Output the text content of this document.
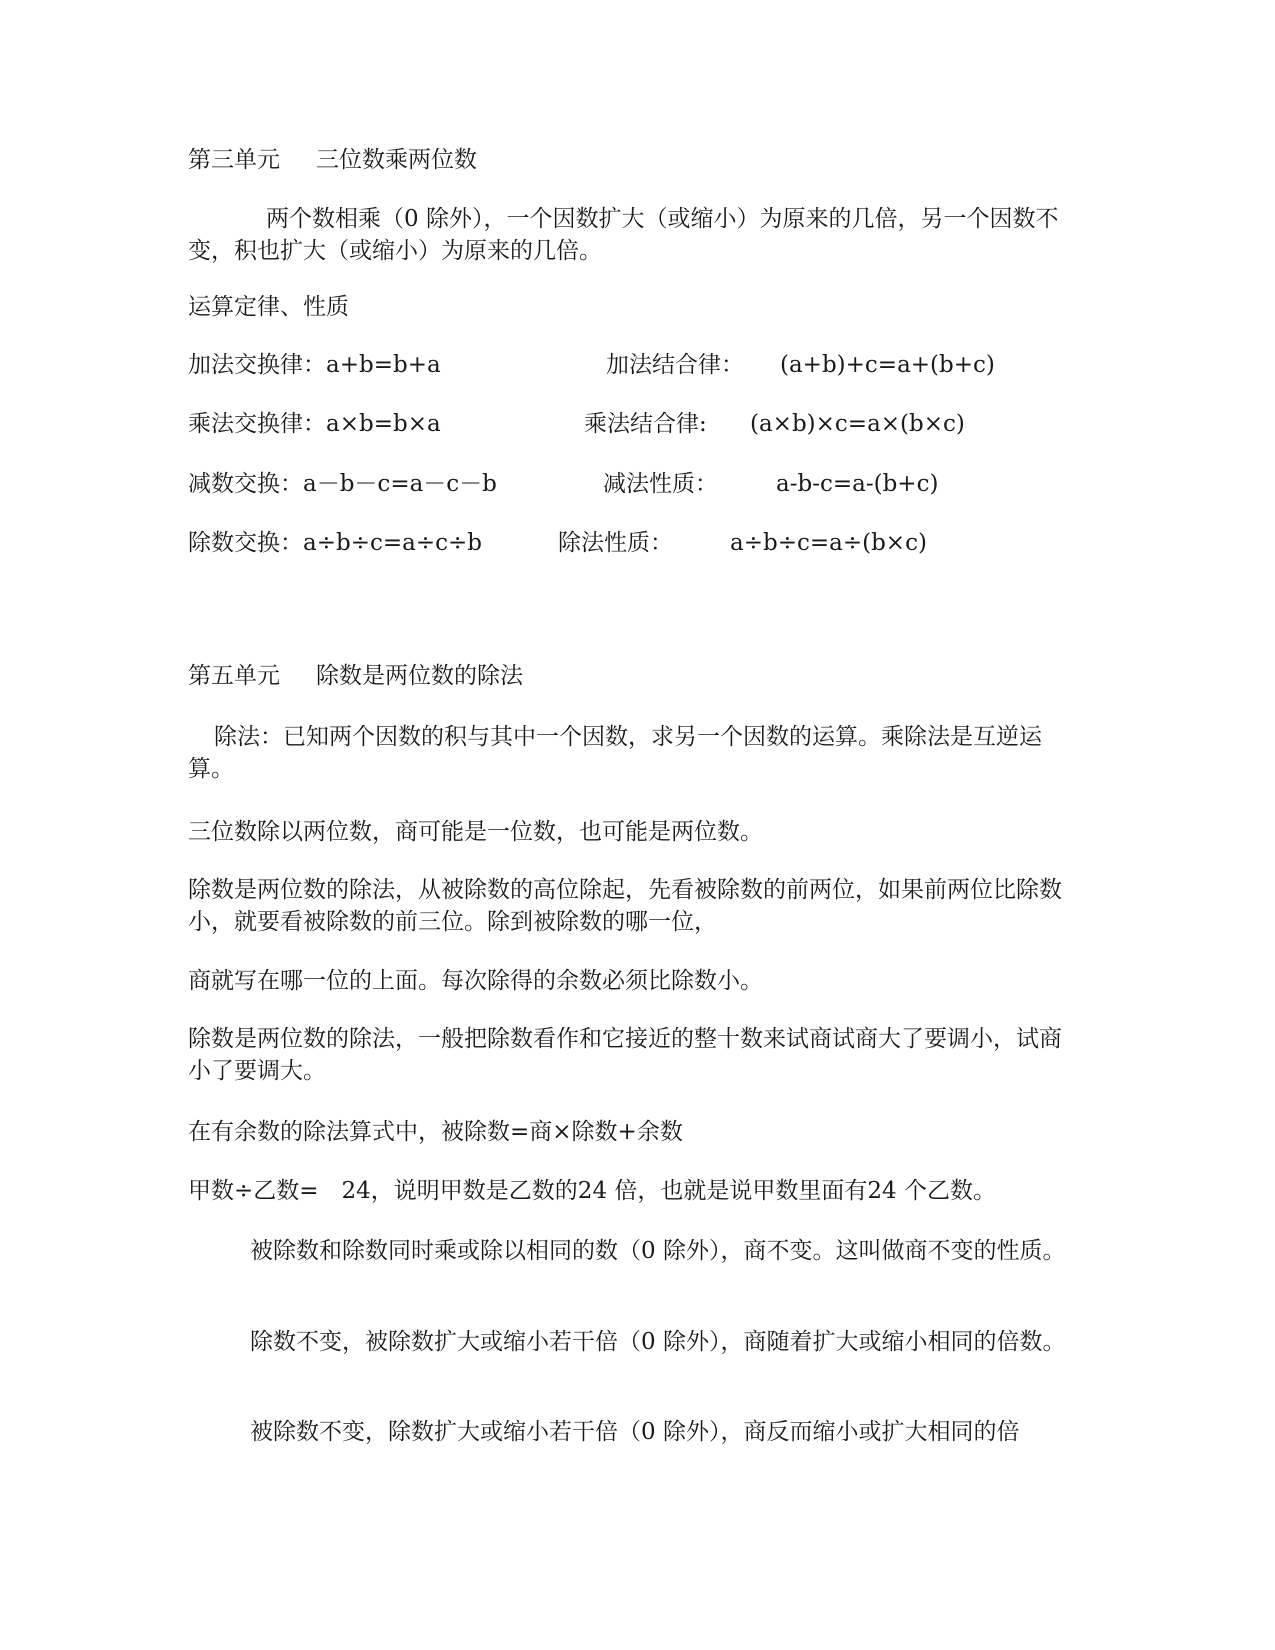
第三单元 三位数乘两位数
两个数相乘（0 除外），一个因数扩大（或缩小）为原来的几倍，另一个因数不变，积也扩大（或缩小）为原来的几倍。
运算定律、性质
加法交换律：a+b=b+a	加法结合律： (a+b)+c=a+(b+c)
乘法交换律：a×b=b×a	乘法结合律: (a×b)×c=a×(b×c)
减数交换：a－b－c=a－c－b	减法性质：	a-b-c=a-(b+c)
除数交换：a÷b÷c=a÷c÷b	除法性质： a÷b÷c=a÷(b×c)
第五单元 除数是两位数的除法
除法：已知两个因数的积与其中一个因数，求另一个因数的运算。乘除法是互逆运算。
三位数除以两位数，商可能是一位数，也可能是两位数。
除数是两位数的除法，从被除数的高位除起，先看被除数的前两位，如果前两位比除数小，就要看被除数的前三位。除到被除数的哪一位，
商就写在哪一位的上面。每次除得的余数必须比除数小。
除数是两位数的除法，一般把除数看作和它接近的整十数来试商试商大了要调小，试商小了要调大。
在有余数的除法算式中，被除数=商×除数+余数
甲数÷乙数=　24，说明甲数是乙数的24 倍，也就是说甲数里面有24 个乙数。
被除数和除数同时乘或除以相同的数（0 除外），商不变。这叫做商不变的性质。
除数不变，被除数扩大或缩小若干倍（0 除外），商随着扩大或缩小相同的倍数。
被除数不变，除数扩大或缩小若干倍（0 除外），商反而缩小或扩大相同的倍
